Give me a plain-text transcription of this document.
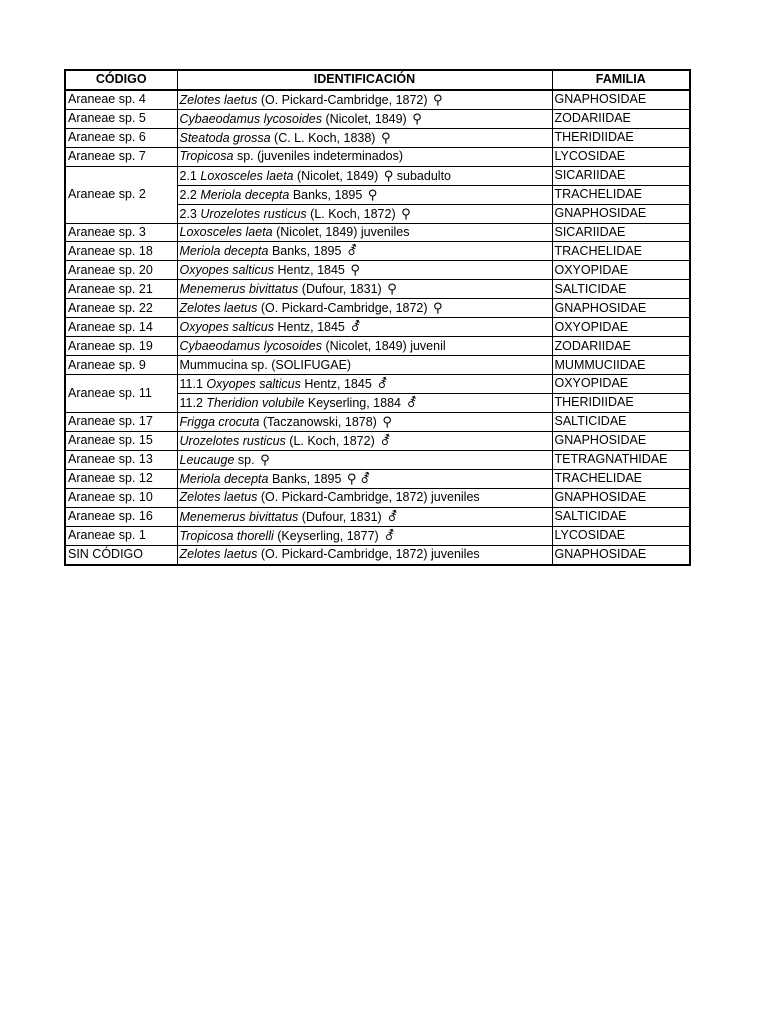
CÓDIGO	IDENTIFICACIÓN	FAMILIA
Araneae sp. 4	Zelotes laetus (O. Pickard-Cambridge, 1872) ⚲	GNAPHOSIDAE
Araneae sp. 5	Cybaeodamus lycosoides (Nicolet, 1849) ⚲	ZODARIIDAE
Araneae sp. 6	Steatoda grossa (C. L. Koch, 1838) ⚲	THERIDIIDAE
Araneae sp. 7	Tropicosa sp. (juveniles indeterminados)	LYCOSIDAE
Araneae sp. 2	2.1 Loxosceles laeta (Nicolet, 1849) ⚲ subadulto	SICARIIDAE
	2.2 Meriola decepta Banks, 1895 ⚲	TRACHELIDAE
	2.3 Urozelotes rusticus (L. Koch, 1872) ⚲	GNAPHOSIDAE
Araneae sp. 3	Loxosceles laeta (Nicolet, 1849) juveniles	SICARIIDAE
Araneae sp. 18	Meriola decepta Banks, 1895 ⚦	TRACHELIDAE
Araneae sp. 20	Oxyopes salticus Hentz, 1845 ⚲	OXYOPIDAE
Araneae sp. 21	Menemerus bivittatus (Dufour, 1831) ⚲	SALTICIDAE
Araneae sp. 22	Zelotes laetus (O. Pickard-Cambridge, 1872) ⚲	GNAPHOSIDAE
Araneae sp. 14	Oxyopes salticus Hentz, 1845 ⚦	OXYOPIDAE
Araneae sp. 19	Cybaeodamus lycosoides (Nicolet, 1849) juvenil	ZODARIIDAE
Araneae sp. 9	Mummucina sp. (SOLIFUGAE)	MUMMUCIIDAE
Araneae sp. 11	11.1 Oxyopes salticus Hentz, 1845 ⚦	OXYOPIDAE
	11.2 Theridion volubile Keyserling, 1884 ⚦	THERIDIIDAE
Araneae sp. 17	Frigga crocuta (Taczanowski, 1878) ⚲	SALTICIDAE
Araneae sp. 15	Urozelotes rusticus (L. Koch, 1872) ⚦	GNAPHOSIDAE
Araneae sp. 13	Leucauge sp. ⚲	TETRAGNATHIDAE
Araneae sp. 12	Meriola decepta Banks, 1895 ⚲ ⚦	TRACHELIDAE
Araneae sp. 10	Zelotes laetus (O. Pickard-Cambridge, 1872) juveniles	GNAPHOSIDAE
Araneae sp. 16	Menemerus bivittatus (Dufour, 1831) ⚦	SALTICIDAE
Araneae sp. 1	Tropicosa thorelli (Keyserling, 1877) ⚦	LYCOSIDAE
SIN CÓDIGO	Zelotes laetus (O. Pickard-Cambridge, 1872) juveniles	GNAPHOSIDAE
